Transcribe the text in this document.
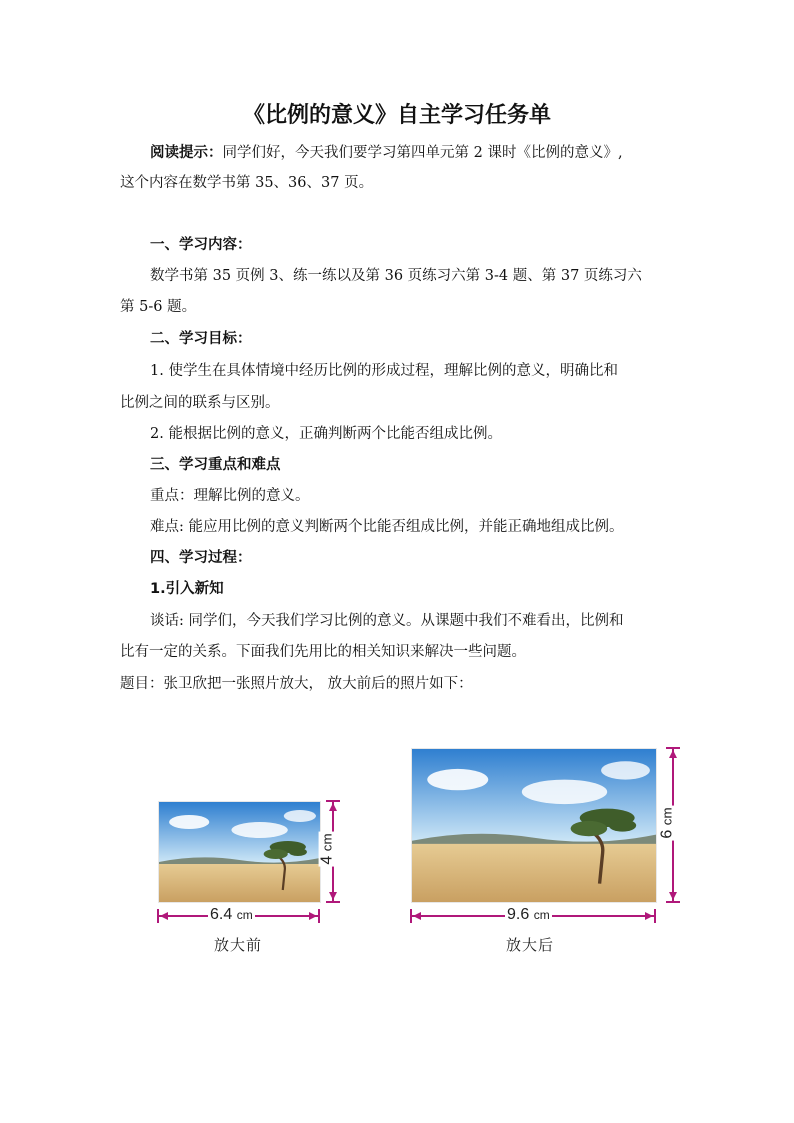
《比例的意义》自主学习任务单
阅读提示：同学们好，今天我们要学习第四单元第 2 课时《比例的意义》,
这个内容在数学书第 35、36、37 页。
一、学习内容：
数学书第 35 页例 3、练一练以及第 36 页练习六第 3-4 题、第 37 页练习六
第 5-6 题。
二、学习目标：
1. 使学生在具体情境中经历比例的形成过程，理解比例的意义，明确比和
比例之间的联系与区别。
2. 能根据比例的意义，正确判断两个比能否组成比例。
三、学习重点和难点
重点：理解比例的意义。
难点: 能应用比例的意义判断两个比能否组成比例，并能正确地组成比例。
四、学习过程：
1.引入新知
谈话: 同学们，今天我们学习比例的意义。从课题中我们不难看出，比例和
比有一定的关系。下面我们先用比的相关知识来解决一些问题。
题目：张卫欣把一张照片放大， 放大前后的照片如下：
6.4 cm
4 cm
9.6 cm
6 cm
放大前	放大后
